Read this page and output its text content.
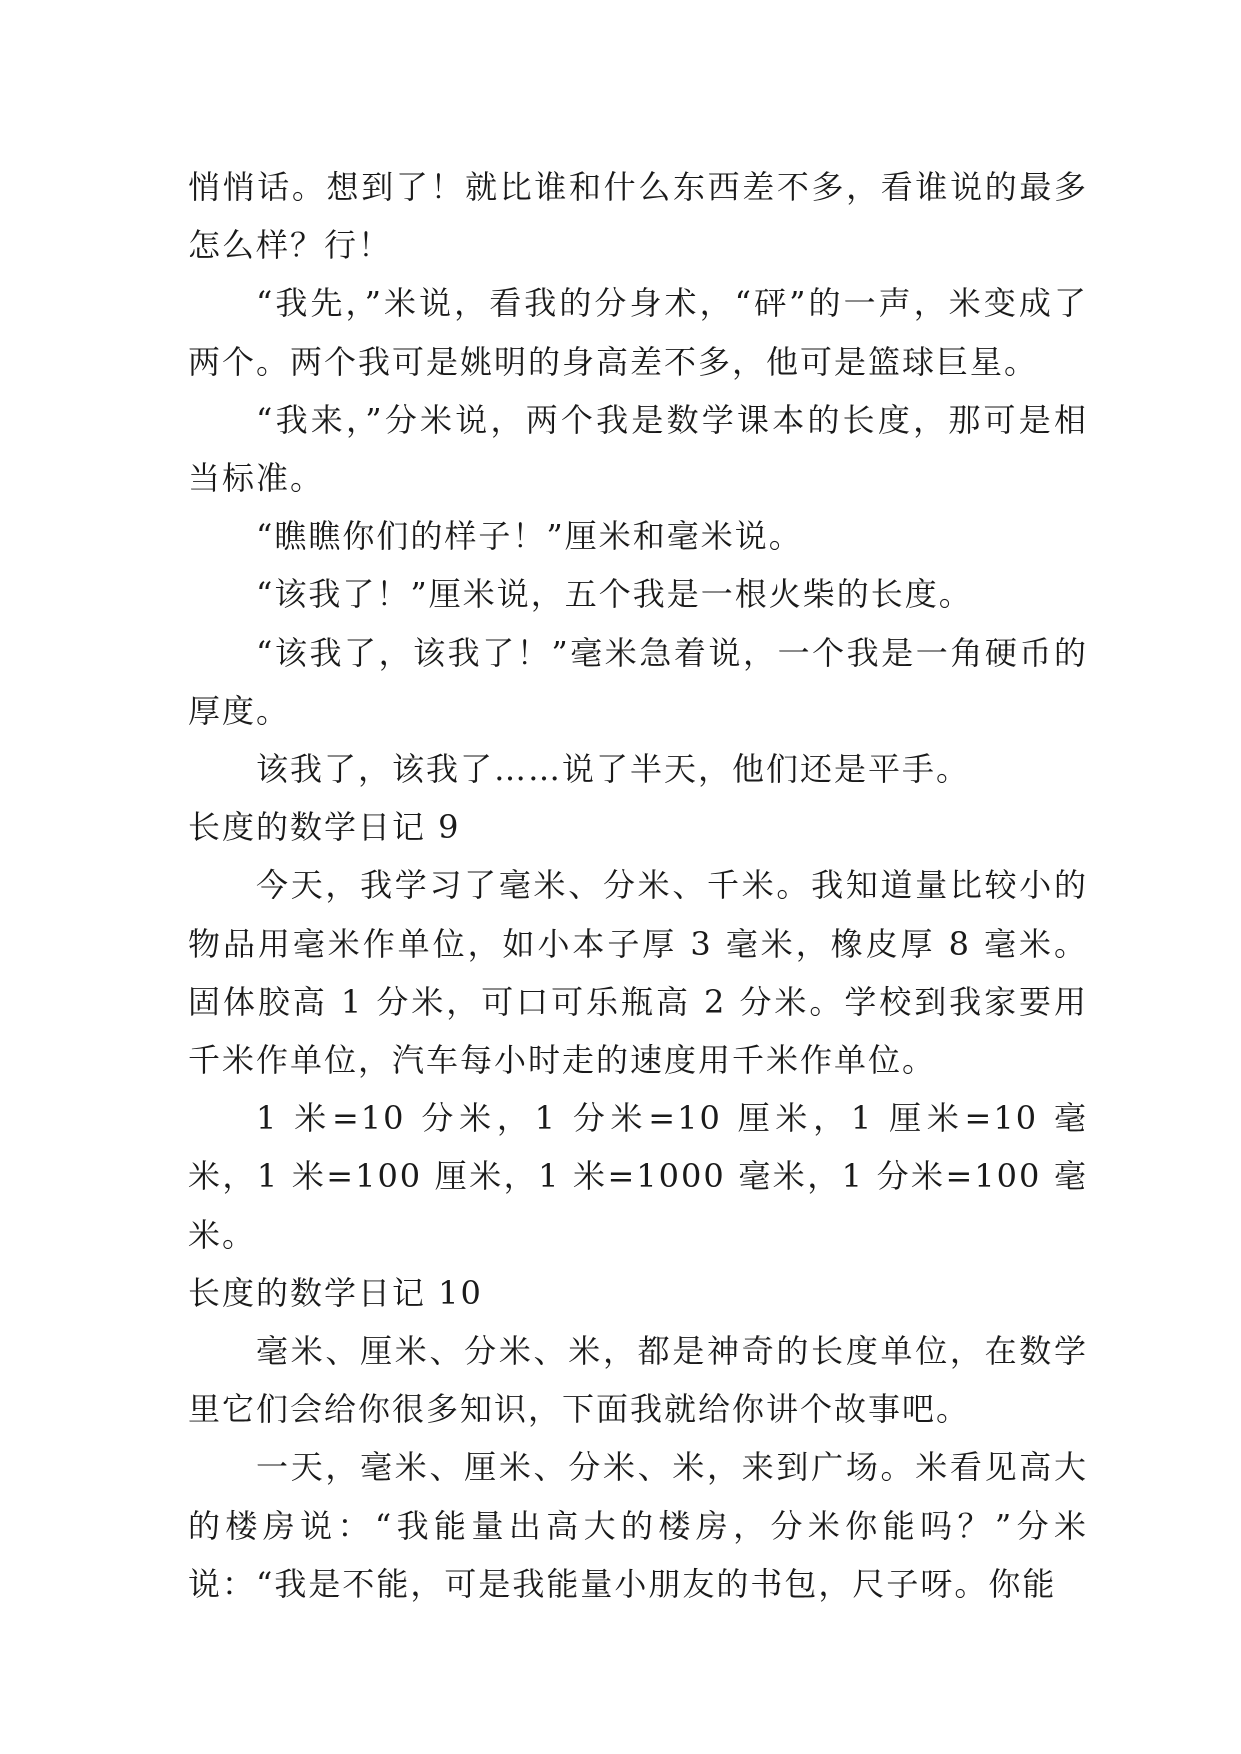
悄悄话。想到了！就比谁和什么东西差不多，看谁说的最多怎么样？行！

“我先，”米说，看我的分身术，“砰”的一声，米变成了两个。两个我可是姚明的身高差不多，他可是篮球巨星。

“我来，”分米说，两个我是数学课本的长度，那可是相当标准。

“瞧瞧你们的样子！”厘米和毫米说。

“该我了！”厘米说，五个我是一根火柴的长度。

“该我了，该我了！”毫米急着说，一个我是一角硬币的厚度。

该我了，该我了……说了半天，他们还是平手。

长度的数学日记 9

今天，我学习了毫米、分米、千米。我知道量比较小的物品用毫米作单位，如小本子厚 3 毫米，橡皮厚 8 毫米。固体胶高 1 分米，可口可乐瓶高 2 分米。学校到我家要用千米作单位，汽车每小时走的速度用千米作单位。

1 米=10 分米，1 分米=10 厘米，1 厘米=10 毫米，1 米=100 厘米，1 米=1000 毫米，1 分米=100 毫米。

长度的数学日记 10

毫米、厘米、分米、米，都是神奇的长度单位，在数学里它们会给你很多知识，下面我就给你讲个故事吧。

一天，毫米、厘米、分米、米，来到广场。米看见高大的楼房说：“我能量出高大的楼房，分米你能吗？”分米说：“我是不能，可是我能量小朋友的书包，尺子呀。你能
